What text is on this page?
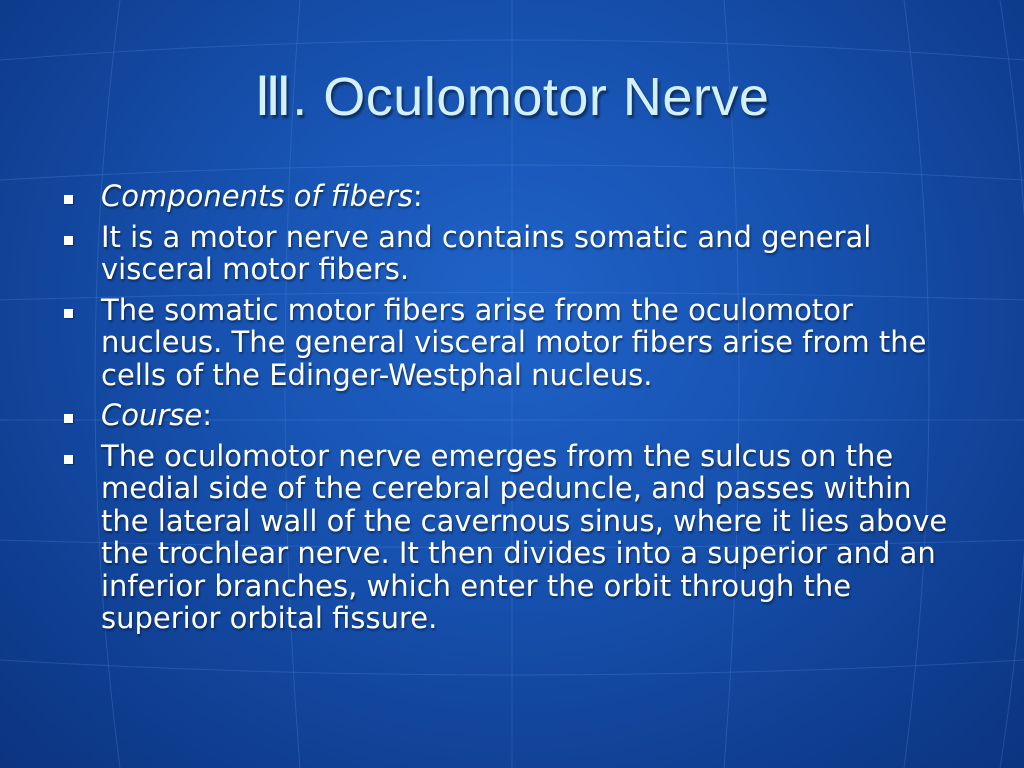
Ⅲ. Oculomotor Nerve
Components of fibers:
It is a motor nerve and contains somatic and general visceral motor fibers.
The somatic motor fibers arise from the oculomotor nucleus. The general visceral motor fibers arise from the cells of the Edinger-Westphal nucleus.
Course:
The oculomotor nerve emerges from the sulcus on the medial side of the cerebral peduncle, and passes within the lateral wall of the cavernous sinus, where it lies above the trochlear nerve. It then divides into a superior and an inferior branches, which enter the orbit through the superior orbital fissure.
